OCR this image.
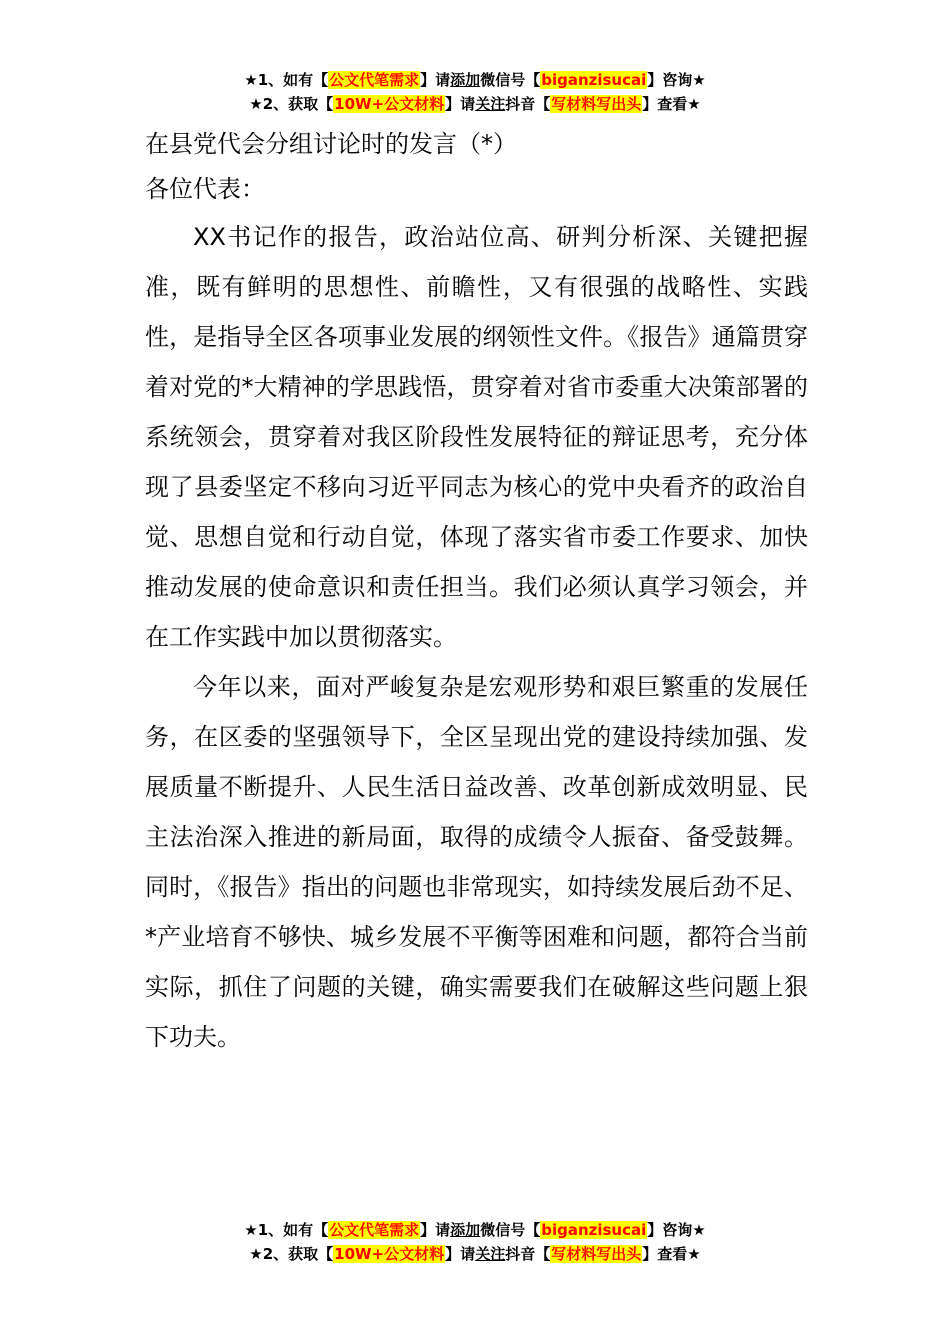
★1、如有【公文代笔需求】请添加微信号【biganzisucai】咨询★
★2、获取【10W+公文材料】请关注抖音【写材料写出头】查看★
在县党代会分组讨论时的发言（*）
各位代表：

XX书记作的报告，政治站位高、研判分析深、关键把握准，既有鲜明的思想性、前瞻性，又有很强的战略性、实践性，是指导全区各项事业发展的纲领性文件。《报告》通篇贯穿着对党的*大精神的学思践悟，贯穿着对省市委重大决策部署的系统领会，贯穿着对我区阶段性发展特征的辩证思考，充分体现了县委坚定不移向习近平同志为核心的党中央看齐的政治自觉、思想自觉和行动自觉，体现了落实省市委工作要求、加快推动发展的使命意识和责任担当。我们必须认真学习领会，并在工作实践中加以贯彻落实。

今年以来，面对严峻复杂是宏观形势和艰巨繁重的发展任务，在区委的坚强领导下，全区呈现出党的建设持续加强、发展质量不断提升、人民生活日益改善、改革创新成效明显、民主法治深入推进的新局面，取得的成绩令人振奋、备受鼓舞。同时，《报告》指出的问题也非常现实，如持续发展后劲不足、*产业培育不够快、城乡发展不平衡等困难和问题，都符合当前实际，抓住了问题的关键，确实需要我们在破解这些问题上狠下功夫。

★1、如有【公文代笔需求】请添加微信号【biganzisucai】咨询★
★2、获取【10W+公文材料】请关注抖音【写材料写出头】查看★
